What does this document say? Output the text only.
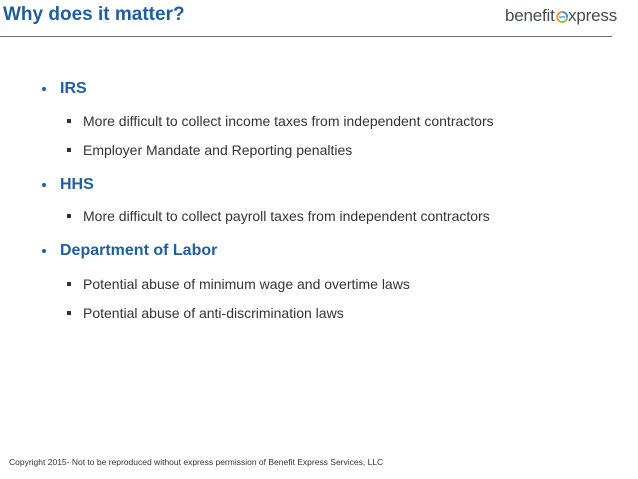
Why does it matter?	benefit xpress
IRS
More difficult to collect income taxes from independent contractors
Employer Mandate and Reporting penalties
HHS
More difficult to collect payroll taxes from independent contractors
Department of Labor
Potential abuse of minimum wage and overtime laws
Potential abuse of anti-discrimination laws
Copyright 2015- Not to be reproduced without express permission of Benefit Express Services, LLC
